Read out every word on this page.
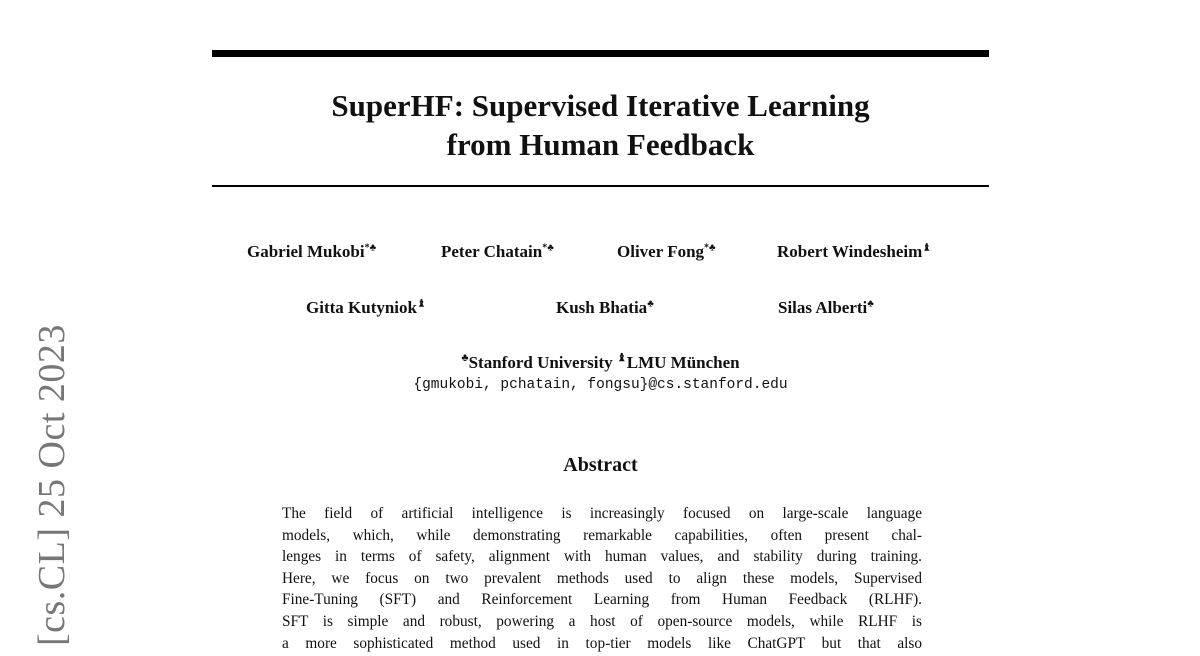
[cs.CL] 25 Oct 2023
SuperHF: Supervised Iterative Learning
from Human Feedback
Gabriel Mukobi*♣	Peter Chatain*♣	Oliver Fong*♣	Robert Windesheim♝
Gitta Kutyniok♝	Kush Bhatia♣	Silas Alberti♣
♣Stanford University ♝LMU München
{gmukobi, pchatain, fongsu}@cs.stanford.edu
Abstract
The field of artificial intelligence is increasingly focused on large-scale language
models, which, while demonstrating remarkable capabilities, often present chal-
lenges in terms of safety, alignment with human values, and stability during training.
Here, we focus on two prevalent methods used to align these models, Supervised
Fine-Tuning (SFT) and Reinforcement Learning from Human Feedback (RLHF).
SFT is simple and robust, powering a host of open-source models, while RLHF is
a more sophisticated method used in top-tier models like ChatGPT but that also
